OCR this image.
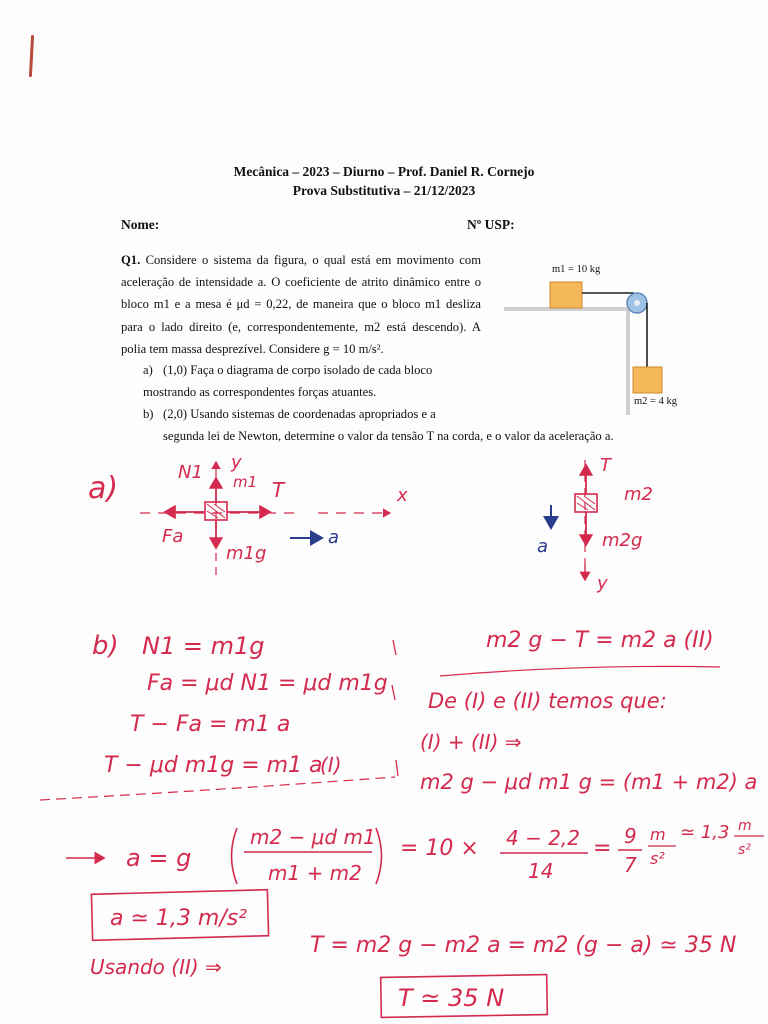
Mecânica – 2023 – Diurno – Prof. Daniel R. Cornejo
Prova Substitutiva – 21/12/2023
Nome:	Nº USP:
Q1. Considere o sistema da figura, o qual está em movimento com aceleração de intensidade a. O coeficiente de atrito dinâmico entre o bloco m1 e a mesa é μd = 0,22, de maneira que o bloco m1 desliza para o lado direito (e, correspondentemente, m2 está descendo). A polia tem massa desprezível. Considere g = 10 m/s².
a) (1,0) Faça o diagrama de corpo isolado de cada bloco mostrando as correspondentes forças atuantes.
b) (2,0) Usando sistemas de coordenadas apropriados e a
segunda lei de Newton, determine o valor da tensão T na corda, e o valor da aceleração a.
m1 = 10 kg
m2 = 4 kg
a)	N1 y
m1 T	x
Fa
m1g
a
T
m2
m2g
y
a
b) N1 = m1g
Fa = μd N1 = μd m1g
T − Fa = m1 a
T − μd m1g = m1 a
(I)
m2 g − T = m2 a (II)
De (I) e (II) temos que:
(I) + (II) ⇒
m2 g − μd m1 g = (m1 + m2) a
a = g
m2 − μd m1
m1 + m2
= 10 × 4 − 2,2
14
= 9
7
m
s²
≃ 1,3 m
s²
a ≃ 1,3 m/s²
Usando (II) ⇒
T = m2 g − m2 a = m2 (g − a) ≃ 35 N
T ≃ 35 N
